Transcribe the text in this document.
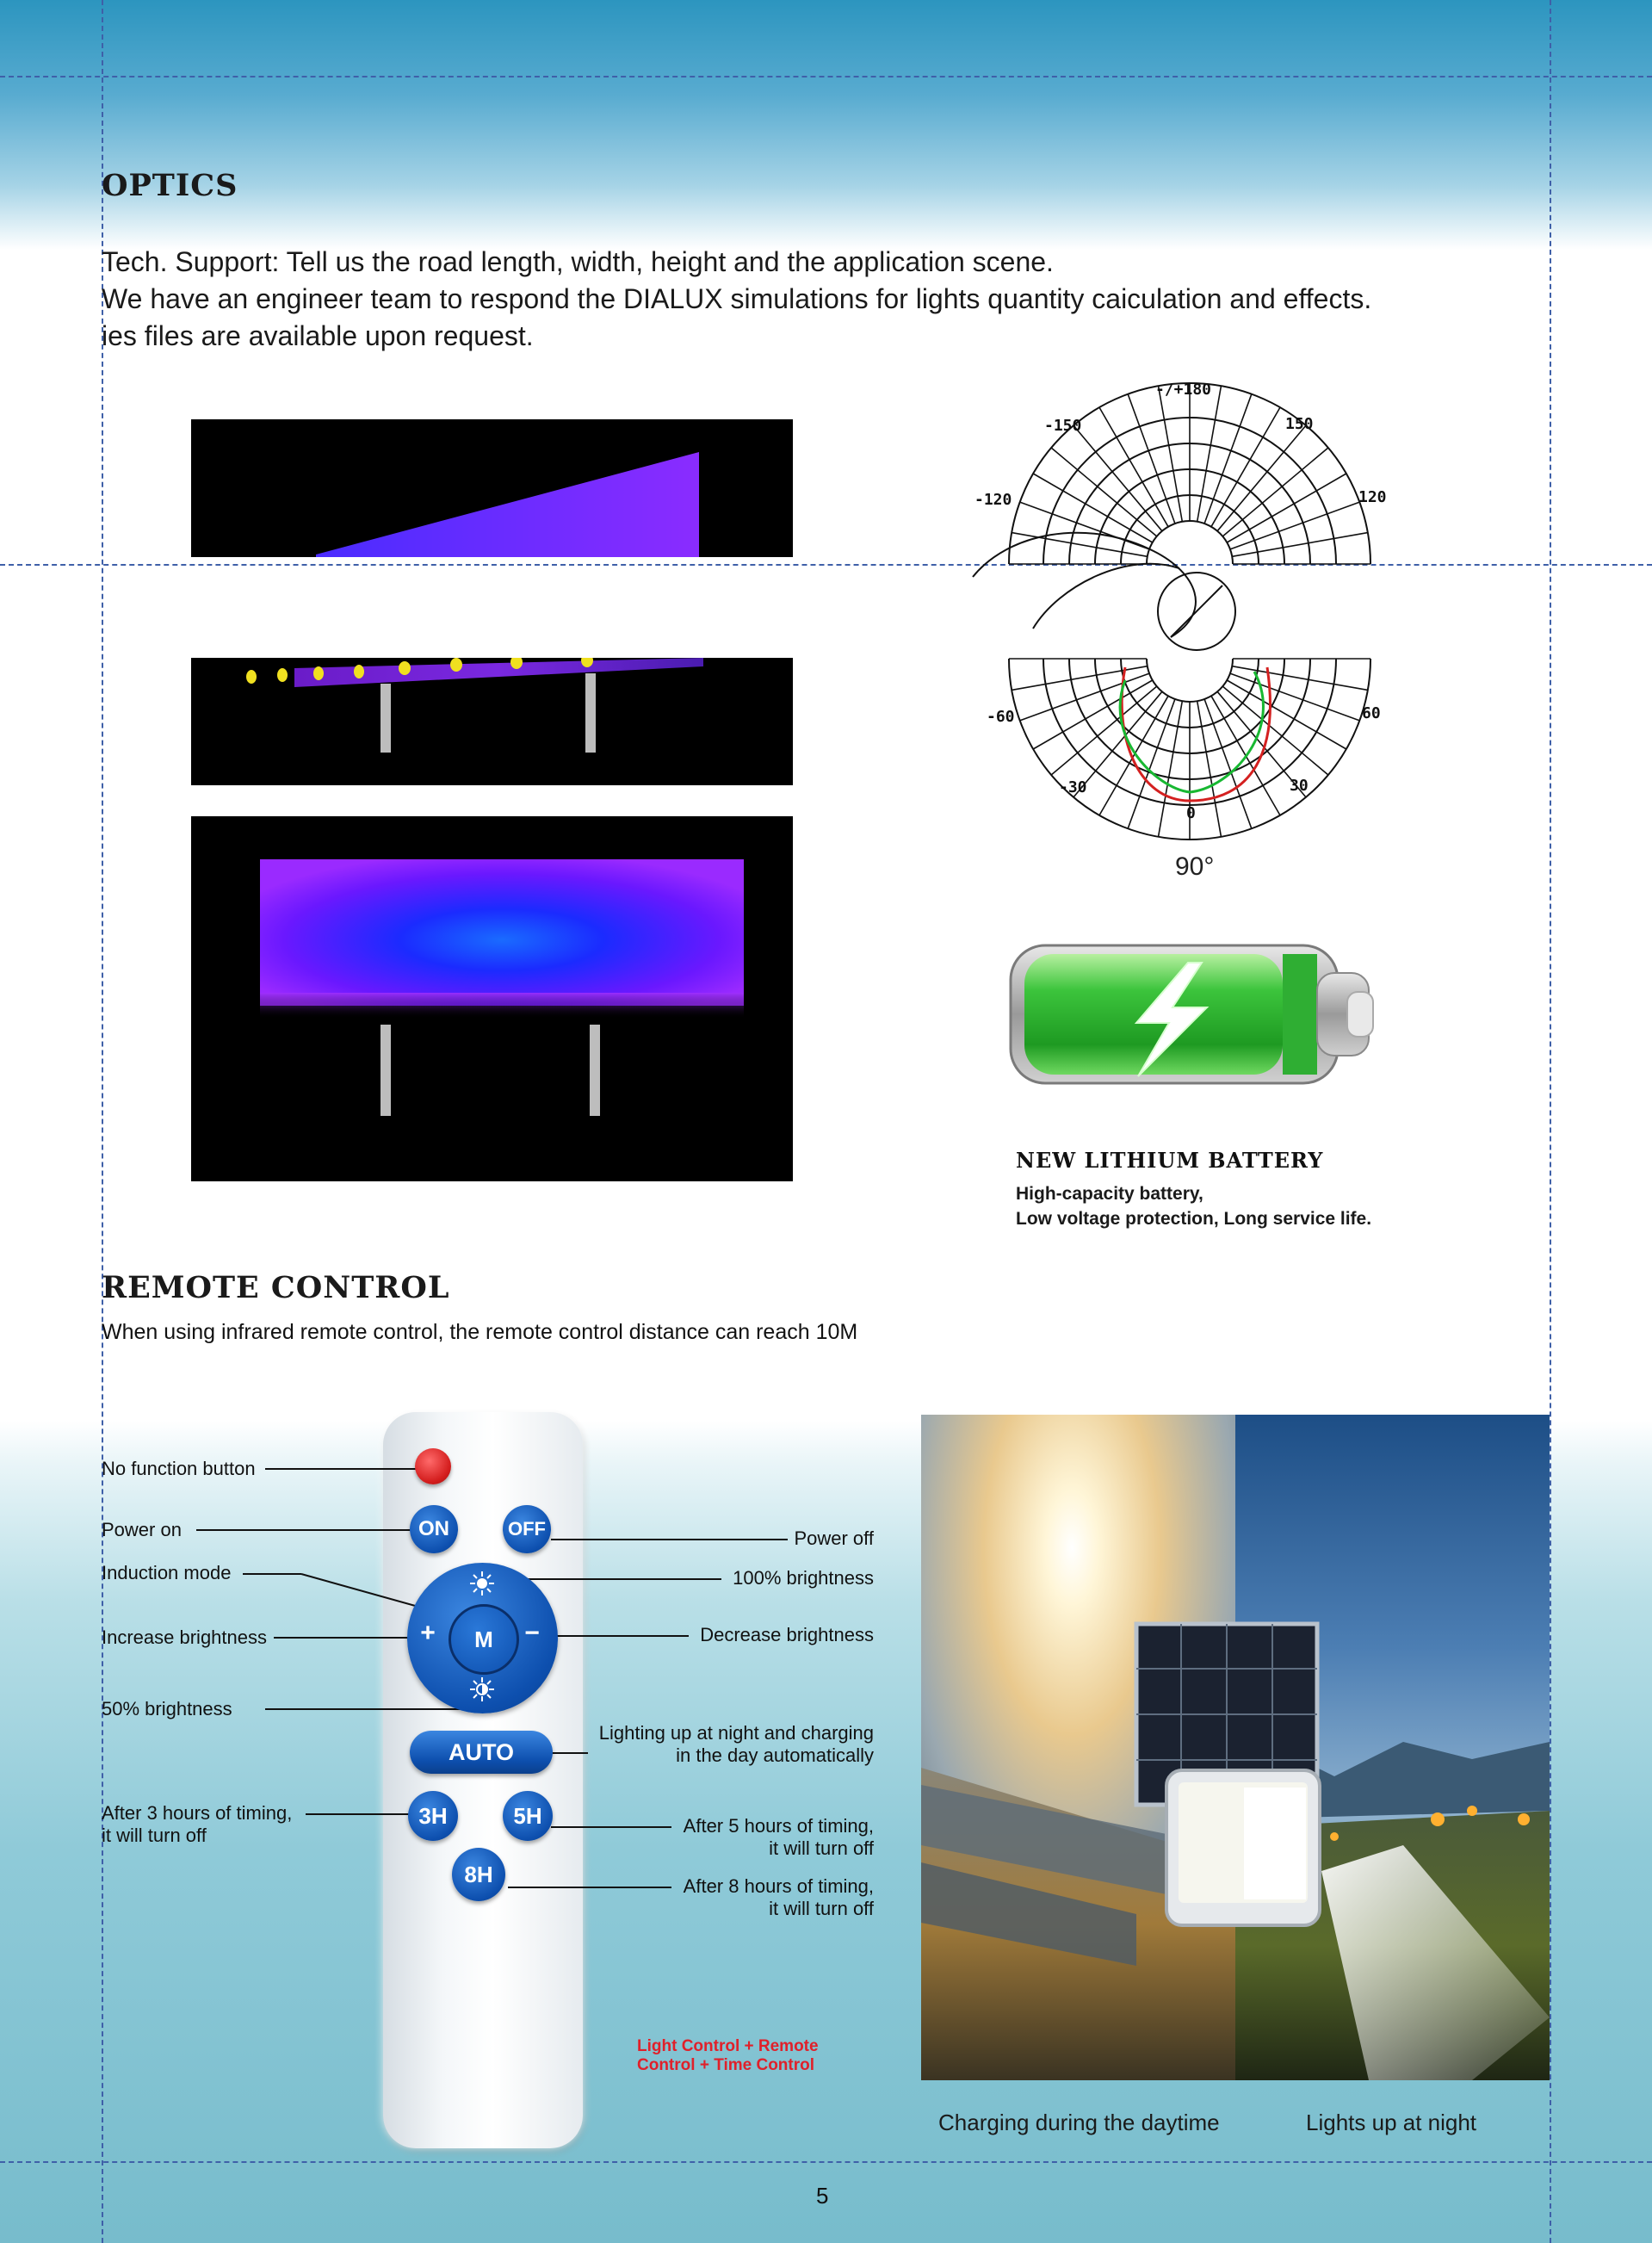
OPTICS
Tech. Support: Tell us the road length, width, height and the application scene.
We have an engineer team to respond the DIALUX simulations for lights quantity caiculation and effects.
ies files are available upon request.
-/+180
-150	150
-120	120
-60	60
-30	30
0
90°
NEW LITHIUM BATTERY
High-capacity battery,
Low voltage protection, Long service life.
REMOTE CONTROL
When using infrared remote control, the remote control distance can reach 10M
ON	OFF
M
+	−
AUTO
3H	5H
8H
No function button
Power on
Induction mode
Increase brightness
50% brightness
After 3 hours of timing,
it will turn off
Power off
100% brightness
Decrease brightness
Lighting up at night and charging
in the day automatically
After 5 hours of timing,
it will turn off
After 8 hours of timing,
it will turn off
Light Control + Remote
Control + Time Control
Charging during the daytime	Lights up at night
5
